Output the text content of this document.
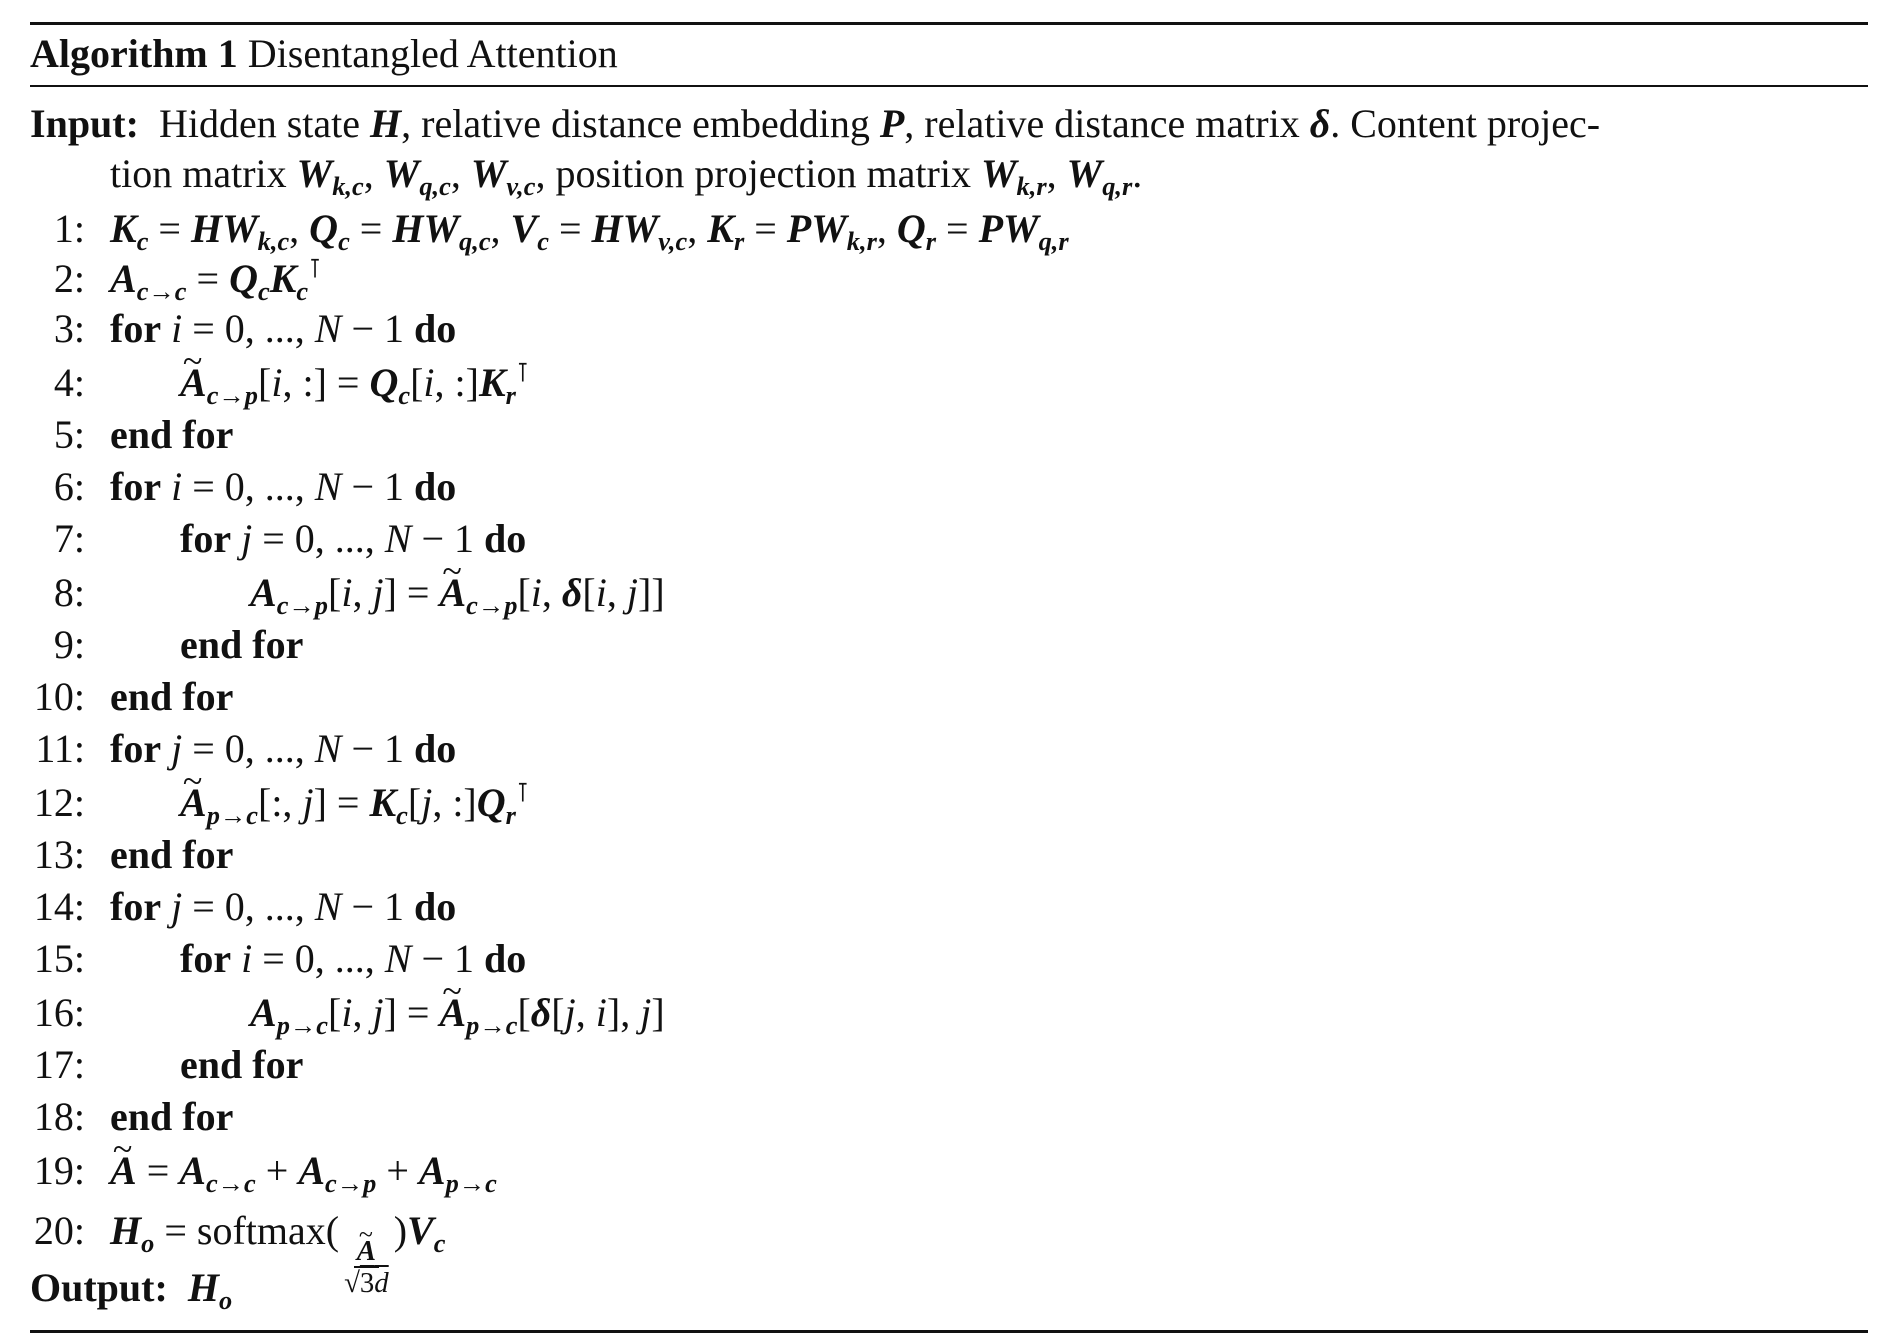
Algorithm 1 Disentangled Attention
Input:  Hidden state H, relative distance embedding P, relative distance matrix δ. Content projec-
tion matrix $W_{k,c}$, $W_{q,c}$, $W_{v,c}$, position projection matrix $W_{k,r}$, $W_{q,r}$.
1: $K_c = HW_{k,c}$, $Q_c = HW_{q,c}$, $V_c = HW_{v,c}$, $K_r = PW_{k,r}$, $Q_r = PW_{q,r}$
2: $A_{c\to c} = Q_cK_c^⊺$
3: for i = 0, ..., N − 1 do
4: ~ $A_{c\to p}[i$, :] = $Q_c[i$, $:]K_r^⊺$
5: end for
6: for i = 0, ..., N − 1 do
7: for j = 0, ..., N − 1 do
8:	$A_{c\to p}[i$, j] = ~ $A_{c\to p}[i$, δ[i, j]]
9: end for
10: end for
11: for j = 0, ..., N − 1 do
12: ~ $A_{p\to c}$[:, $j] = K_c[j$, $:]Q_r^⊺$
13: end for
14: for j = 0, ..., N − 1 do
15: for i = 0, ..., N − 1 do
16:	$A_{p\to c}[i$, j] = ~ $A_{p\to c}[\delta[j$, i], j]
17: end for
18: end for
19: ~ $A = A_{c\to c} + A_{c\to p} + A_{p\to c}$
20: $H_o$ = softmax(
~ A
√ 3d
)$V_c$
Output: $H_o$
